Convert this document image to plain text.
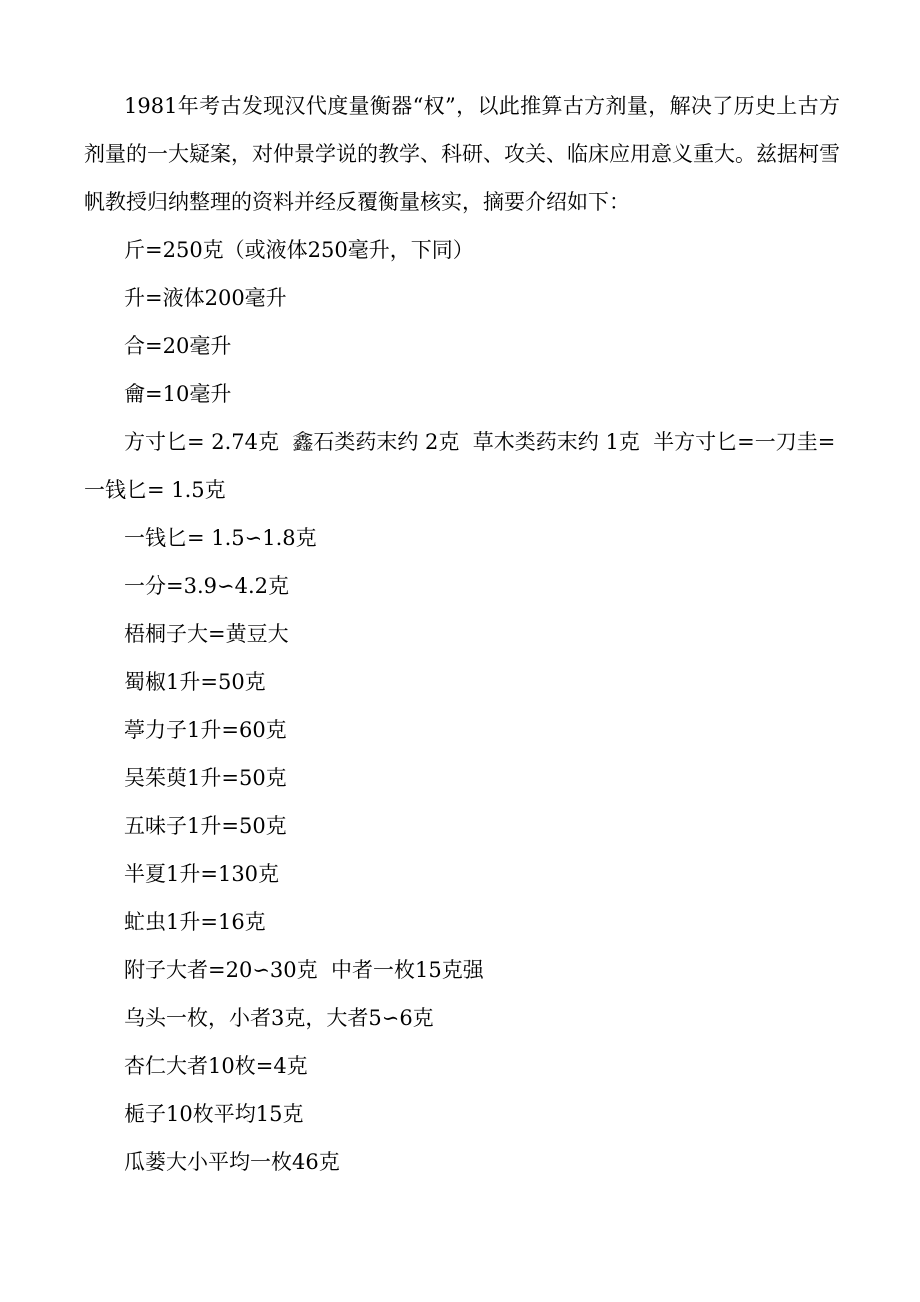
1981年考古发现汉代度量衡器“权”，以此推算古方剂量，解决了历史上古方剂量的一大疑案，对仲景学说的教学、科研、攻关、临床应用意义重大。兹据柯雪帆教授归纳整理的资料并经反覆衡量核实，摘要介绍如下：

斤=250克（或液体250毫升，下同）

升=液体200毫升

合=20毫升

龠=10毫升

方寸匕= 2.74克  鑫石类药末约 2克  草木类药末约 1克  半方寸匕=一刀圭=一钱匕= 1.5克

一钱匕= 1.5∽1.8克

一分=3.9∽4.2克

梧桐子大=黄豆大

蜀椒1升=50克

葶力子1升=60克

吴茱萸1升=50克

五味子1升=50克

半夏1升=130克

虻虫1升=16克

附子大者=20∽30克  中者一枚15克强

乌头一枚，小者3克，大者5∽6克

杏仁大者10枚=4克

栀子10枚平均15克

瓜蒌大小平均一枚46克
